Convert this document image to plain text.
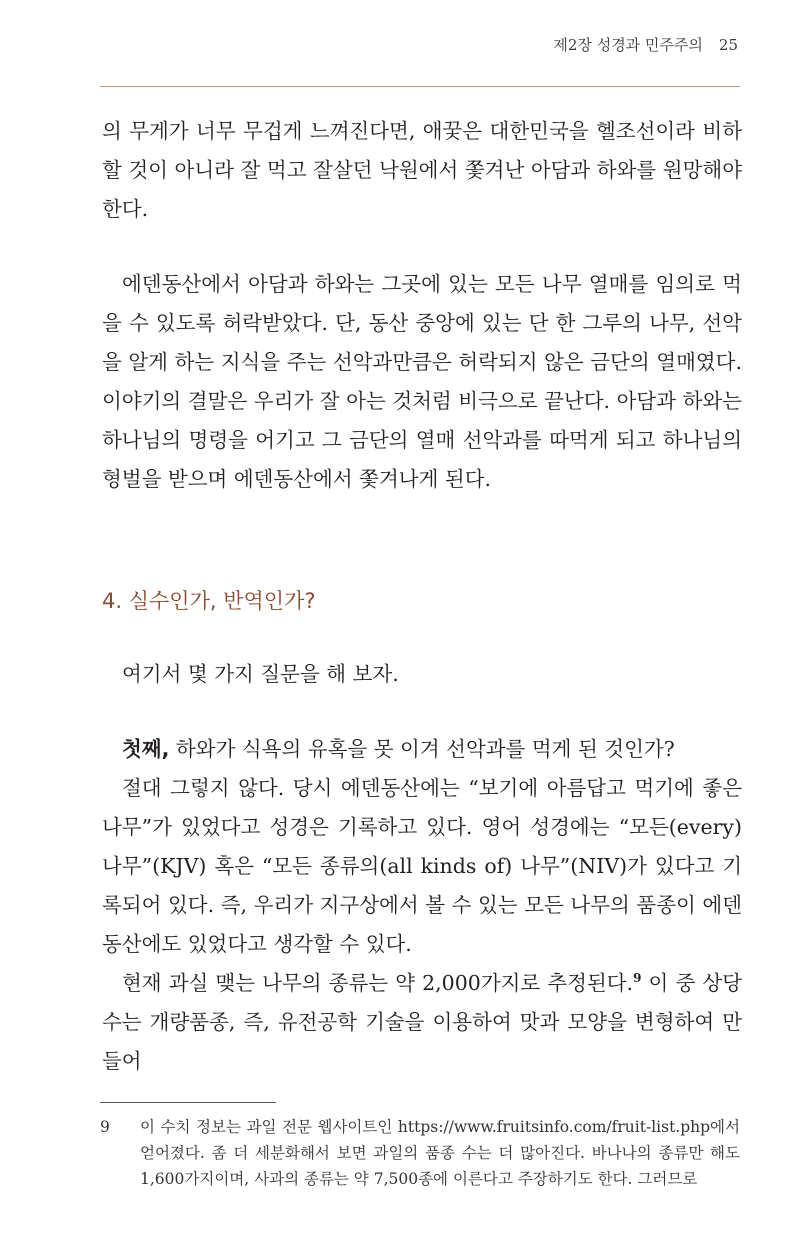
제2장 성경과 민주주의 25

의 무게가 너무 무겁게 느껴진다면, 애꿎은 대한민국을 헬조선이라 비하할 것이 아니라 잘 먹고 잘살던 낙원에서 쫓겨난 아담과 하와를 원망해야 한다.

에덴동산에서 아담과 하와는 그곳에 있는 모든 나무 열매를 임의로 먹을 수 있도록 허락받았다. 단, 동산 중앙에 있는 단 한 그루의 나무, 선악을 알게 하는 지식을 주는 선악과만큼은 허락되지 않은 금단의 열매였다. 이야기의 결말은 우리가 잘 아는 것처럼 비극으로 끝난다. 아담과 하와는 하나님의 명령을 어기고 그 금단의 열매 선악과를 따먹게 되고 하나님의 형벌을 받으며 에덴동산에서 쫓겨나게 된다.

4. 실수인가, 반역인가?

여기서 몇 가지 질문을 해 보자.

첫째, 하와가 식욕의 유혹을 못 이겨 선악과를 먹게 된 것인가?

절대 그렇지 않다. 당시 에덴동산에는 “보기에 아름답고 먹기에 좋은 나무”가 있었다고 성경은 기록하고 있다. 영어 성경에는 “모든(every) 나무”(KJV) 혹은 “모든 종류의(all kinds of) 나무”(NIV)가 있다고 기록되어 있다. 즉, 우리가 지구상에서 볼 수 있는 모든 나무의 품종이 에덴동산에도 있었다고 생각할 수 있다.

현재 과실 맺는 나무의 종류는 약 2,000가지로 추정된다.$^9$ 이 중 상당수는 개량품종, 즉, 유전공학 기술을 이용하여 맛과 모양을 변형하여 만들어

9	이 수치 정보는 과일 전문 웹사이트인 https://www.fruitsinfo.com/fruit-list.php에서 얻어졌다. 좀 더 세분화해서 보면 과일의 품종 수는 더 많아진다. 바나나의 종류만 해도 1,600가지이며, 사과의 종류는 약 7,500종에 이른다고 주장하기도 한다. 그러므로
